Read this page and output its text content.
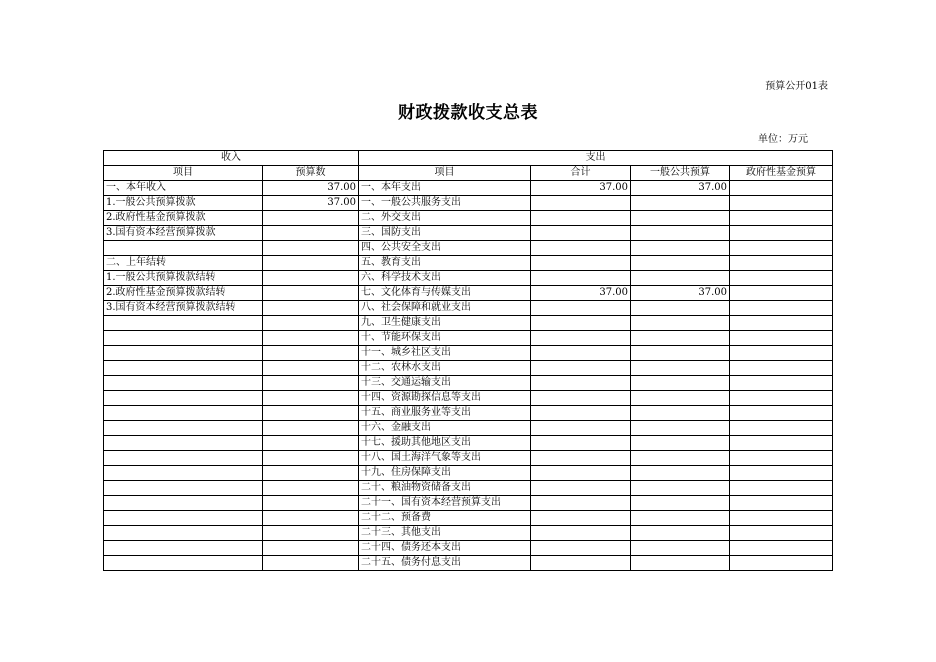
预算公开01表
财政拨款收支总表
单位：万元
收入		支出			
项目	预算数	项目	合计	一般公共预算	政府性基金预算
一、本年收入	37.00	一、本年支出	37.00	37.00	
1.一般公共预算拨款	37.00	一、一般公共服务支出			
2.政府性基金预算拨款		二、外交支出			
3.国有资本经营预算拨款		三、国防支出			
		四、公共安全支出			
二、上年结转		五、教育支出			
1.一般公共预算拨款结转		六、科学技术支出			
2.政府性基金预算拨款结转		七、文化体育与传媒支出	37.00	37.00	
3.国有资本经营预算拨款结转		八、社会保障和就业支出			
		九、卫生健康支出			
		十、节能环保支出			
		十一、城乡社区支出			
		十二、农林水支出			
		十三、交通运输支出			
		十四、资源勘探信息等支出			
		十五、商业服务业等支出			
		十六、金融支出			
		十七、援助其他地区支出			
		十八、国土海洋气象等支出			
		十九、住房保障支出			
		二十、粮油物资储备支出			
		二十一、国有资本经营预算支出			
		二十二、预备费			
		二十三、其他支出			
		二十四、债务还本支出			
		二十五、债务付息支出			
